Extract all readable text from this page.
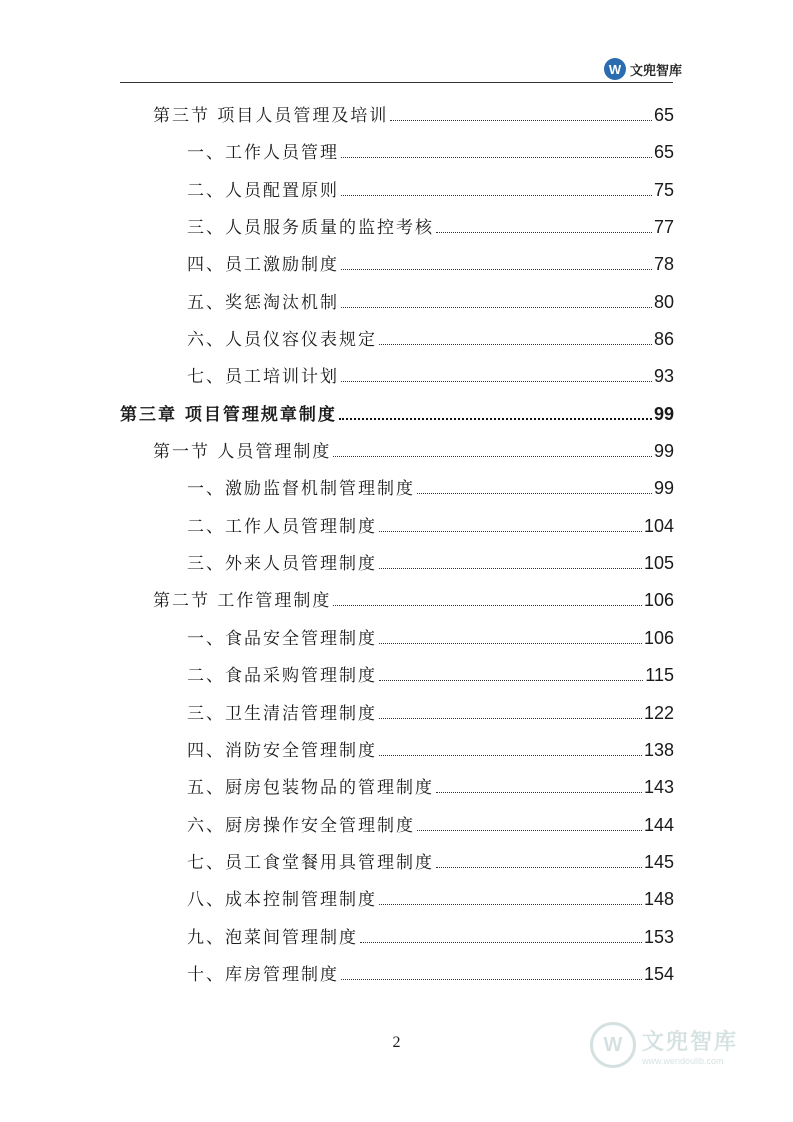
W 文兜智库
第三节 项目人员管理及培训	65
一、工作人员管理	65
二、人员配置原则	75
三、人员服务质量的监控考核	77
四、员工激励制度	78
五、奖惩淘汰机制	80
六、人员仪容仪表规定	86
七、员工培训计划	93
第三章 项目管理规章制度	99
第一节 人员管理制度	99
一、激励监督机制管理制度	99
二、工作人员管理制度	104
三、外来人员管理制度	105
第二节 工作管理制度	106
一、食品安全管理制度	106
二、食品采购管理制度	115
三、卫生清洁管理制度	122
四、消防安全管理制度	138
五、厨房包装物品的管理制度	143
六、厨房操作安全管理制度	144
七、员工食堂餐用具管理制度	145
八、成本控制管理制度	148
九、泡菜间管理制度	153
十、库房管理制度	154
2	W 文兜智库
www.wendoulib.com
